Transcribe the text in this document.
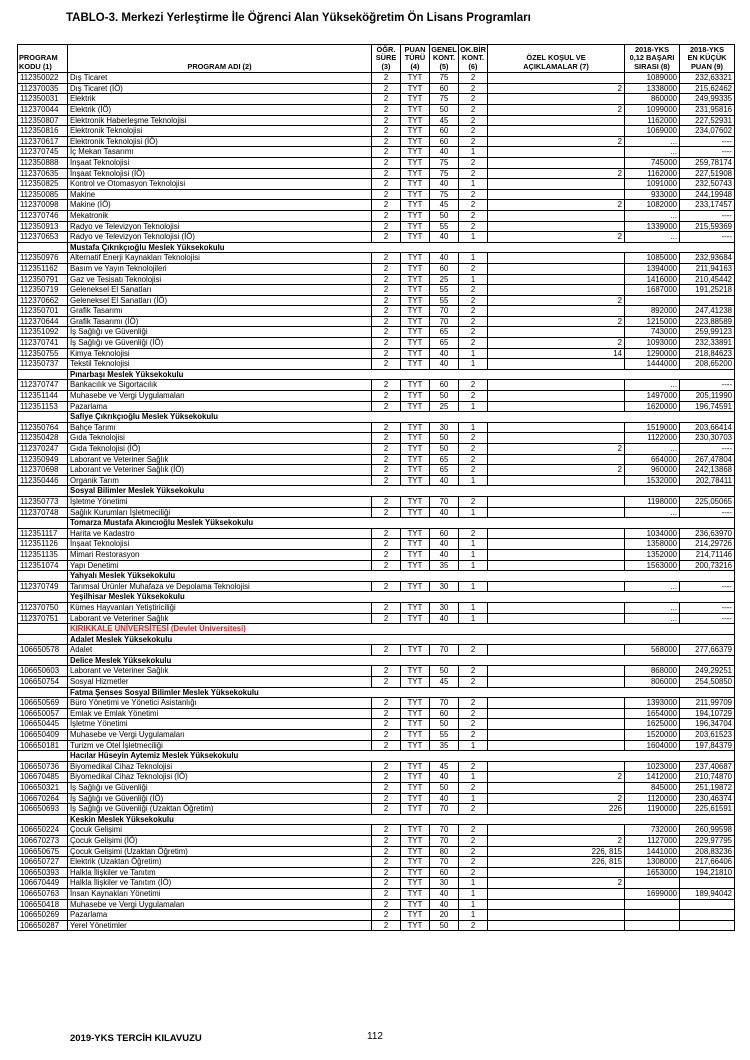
TABLO-3. Merkezi Yerleştirme İle Öğrenci Alan Yükseköğretim Ön Lisans Programları
PROGRAM
KODU (1)	PROGRAM ADI (2)	ÖĞR.
SÜRE
(3)	PUAN
TÜRÜ
(4)	GENEL
KONT.
(5)	OK.BİR
KONT.
(6)	ÖZEL KOŞUL VE
AÇIKLAMALAR (7)	2018-YKS
0,12 BAŞARI
SIRASI (8)	2018-YKS
EN KÜÇÜK
PUAN (9)
112350022	Dış Ticaret	2	TYT	75	2		1089000	232,63321
112370035	Dış Ticaret (İÖ)	2	TYT	60	2	2	1338000	215,62462
112350031	Elektrik	2	TYT	75	2		860000	249,99335
112370044	Elektrik (İÖ)	2	TYT	50	2	2	1099000	231,95816
112350807	Elektronik Haberleşme Teknolojisi	2	TYT	45	2		1162000	227,52931
112350816	Elektronik Teknolojisi	2	TYT	60	2		1069000	234,07602
112370617	Elektronik Teknolojisi (İÖ)	2	TYT	60	2	2	...	----
112370745	İç Mekan Tasarımı	2	TYT	40	1		...	----
112350888	İnşaat Teknolojisi	2	TYT	75	2		745000	259,78174
112370635	İnşaat Teknolojisi (İÖ)	2	TYT	75	2	2	1162000	227,51908
112350825	Kontrol ve Otomasyon Teknolojisi	2	TYT	40	1		1091000	232,50743
112350085	Makine	2	TYT	75	2		933000	244,19948
112370098	Makine (İÖ)	2	TYT	45	2	2	1082000	233,17457
112370746	Mekatronik	2	TYT	50	2		...	----
112350913	Radyo ve Televizyon Teknolojisi	2	TYT	55	2		1339000	215,59369
112370653	Radyo ve Televizyon Teknolojisi (İÖ)	2	TYT	40	1	2	...	----
	Mustafa Çıkrıkçıoğlu Meslek Yüksekokulu							
112350976	Alternatif Enerji Kaynakları Teknolojisi	2	TYT	40	1		1085000	232,93684
112351162	Basım ve Yayın Teknolojileri	2	TYT	60	2		1394000	211,94163
112350791	Gaz ve Tesisatı Teknolojisi	2	TYT	25	1		1416000	210,45442
112350719	Geleneksel El Sanatları	2	TYT	55	2		1687000	191,25218
112370662	Geleneksel El Sanatları (İÖ)	2	TYT	55	2	2		
112350701	Grafik Tasarımı	2	TYT	70	2		892000	247,41238
112370644	Grafik Tasarımı (İÖ)	2	TYT	70	2	2	1215000	223,88589
112351092	İş Sağlığı ve Güvenliği	2	TYT	65	2		743000	259,99123
112370741	İş Sağlığı ve Güvenliği (İÖ)	2	TYT	65	2	2	1093000	232,33891
112350755	Kimya Teknolojisi	2	TYT	40	1	14	1290000	218,84623
112350737	Tekstil Teknolojisi	2	TYT	40	1		1444000	208,65200
	Pınarbaşı Meslek Yüksekokulu							
112370747	Bankacılık ve Sigortacılık	2	TYT	60	2		...	----
112351144	Muhasebe ve Vergi Uygulamaları	2	TYT	50	2		1497000	205,11990
112351153	Pazarlama	2	TYT	25	1		1620000	196,74591
	Safiye Çıkrıkçıoğlu Meslek Yüksekokulu							
112350764	Bahçe Tarımı	2	TYT	30	1		1519000	203,66414
112350428	Gıda Teknolojisi	2	TYT	50	2		1122000	230,30703
112370247	Gıda Teknolojisi (İÖ)	2	TYT	50	2	2	...	----
112350949	Laborant ve Veteriner Sağlık	2	TYT	65	2		664000	267,47804
112370698	Laborant ve Veteriner Sağlık (İÖ)	2	TYT	65	2	2	960000	242,13868
112350446	Organik Tarım	2	TYT	40	1		1532000	202,78411
	Sosyal Bilimler Meslek Yüksekokulu							
112350773	İşletme Yönetimi	2	TYT	70	2		1198000	225,05065
112370748	Sağlık Kurumları İşletmeciliği	2	TYT	40	1		...	----
	Tomarza Mustafa Akıncıoğlu Meslek Yüksekokulu							
112351117	Harita ve Kadastro	2	TYT	60	2		1034000	236,63970
112351126	İnşaat Teknolojisi	2	TYT	40	1		1358000	214,29726
112351135	Mimari Restorasyon	2	TYT	40	1		1352000	214,71146
112351074	Yapı Denetimi	2	TYT	35	1		1563000	200,73216
	Yahyalı Meslek Yüksekokulu							
112370749	Tarımsal Ürünler Muhafaza ve Depolama Teknolojisi	2	TYT	30	1		...	----
	Yeşilhisar Meslek Yüksekokulu							
112370750	Kümes Hayvanları Yetiştiriciliği	2	TYT	30	1		...	----
112370751	Laborant ve Veteriner Sağlık	2	TYT	40	1		...	----
	KIRIKKALE ÜNİVERSİTESİ (Devlet Üniversitesi)							
	Adalet Meslek Yüksekokulu							
106650578	Adalet	2	TYT	70	2		568000	277,66379
	Delice Meslek Yüksekokulu							
106650603	Laborant ve Veteriner Sağlık	2	TYT	50	2		868000	249,29251
106650754	Sosyal Hizmetler	2	TYT	45	2		806000	254,50850
	Fatma Şenses Sosyal Bilimler Meslek Yüksekokulu							
106650569	Büro Yönetimi ve Yönetici Asistanlığı	2	TYT	70	2		1393000	211,99709
106650057	Emlak ve Emlak Yönetimi	2	TYT	60	2		1654000	194,10729
106650445	İşletme Yönetimi	2	TYT	50	2		1625000	196,34704
106650409	Muhasebe ve Vergi Uygulamaları	2	TYT	55	2		1520000	203,61523
106650181	Turizm ve Otel İşletmeciliği	2	TYT	35	1		1604000	197,84379
	Hacılar Hüseyin Aytemiz Meslek Yüksekokulu							
106650736	Biyomedikal Cihaz Teknolojisi	2	TYT	45	2		1023000	237,40687
106670485	Biyomedikal Cihaz Teknolojisi (İÖ)	2	TYT	40	1	2	1412000	210,74870
106650321	İş Sağlığı ve Güvenliği	2	TYT	50	2		845000	251,19872
106670264	İş Sağlığı ve Güvenliği (İÖ)	2	TYT	40	1	2	1120000	230,46374
106650693	İş Sağlığı ve Güvenliği (Uzaktan Öğretim)	2	TYT	70	2	226	1190000	225,61591
	Keskin Meslek Yüksekokulu							
106650224	Çocuk Gelişimi	2	TYT	70	2		732000	260,99598
106670273	Çocuk Gelişimi (İÖ)	2	TYT	70	2	2	1127000	229,97795
106650675	Çocuk Gelişimi (Uzaktan Öğretim)	2	TYT	80	2	226, 815	1441000	208,83236
106650727	Elektrik (Uzaktan Öğretim)	2	TYT	70	2	226, 815	1308000	217,66406
106650393	Halkla İlişkiler ve Tanıtım	2	TYT	60	2		1653000	194,21810
106670449	Halkla İlişkiler ve Tanıtım (İÖ)	2	TYT	30	1	2		
106650763	İnsan Kaynakları Yönetimi	2	TYT	40	1		1699000	189,94042
106650418	Muhasebe ve Vergi Uygulamaları	2	TYT	40	1			
106650269	Pazarlama	2	TYT	20	1			
106650287	Yerel Yönetimler	2	TYT	50	2			
2019-YKS TERCİH KILAVUZU	112
